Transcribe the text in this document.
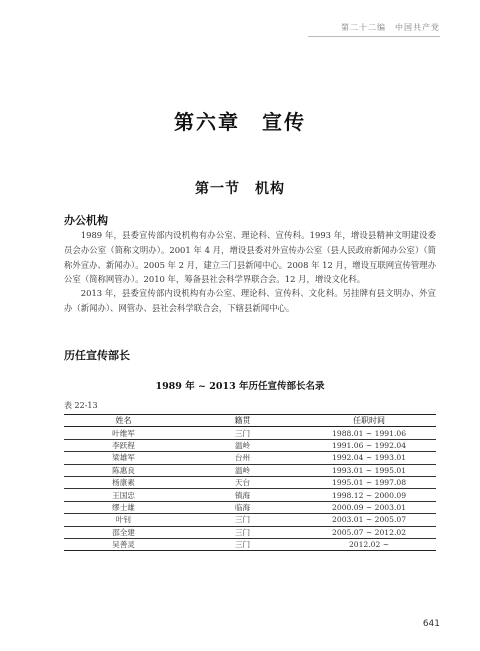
第二十二编　中国共产党
第六章　宣传
第一节　机构
办公机构

1989 年，县委宣传部内设机构有办公室、理论科、宣传科。1993 年，增设县精神文明建设委员会办公室（简称文明办）。2001 年 4 月，增设县委对外宣传办公室（县人民政府新闻办公室）（简称外宣办、新闻办）。2005 年 2 月，建立三门县新闻中心。2008 年 12 月，增设互联网宣传管理办公室（简称网管办）。2010 年，筹备县社会科学界联合会。12 月，增设文化科。

2013 年，县委宣传部内设机构有办公室、理论科、宣传科、文化科。另挂牌有县文明办、外宣办（新闻办）、网管办、县社会科学联合会，下辖县新闻中心。

历任宣传部长
1989 年 ~ 2013 年历任宣传部长名录
表 22-13
姓名	籍贯	任职时间
叶维军	三门	1988.01 ~ 1991.06
李跃程	温岭	1991.06 ~ 1992.04
梁雄军	台州	1992.04 ~ 1993.01
陈惠良	温岭	1993.01 ~ 1995.01
杨康素	天台	1995.01 ~ 1997.08
王国忠	镇海	1998.12 ~ 2000.09
缪士雄	临海	2000.09 ~ 2003.01
叶钊	三门	2003.01 ~ 2005.07
邵全建	三门	2005.07 ~ 2012.02
吴善灵	三门	2012.02 ~
641
